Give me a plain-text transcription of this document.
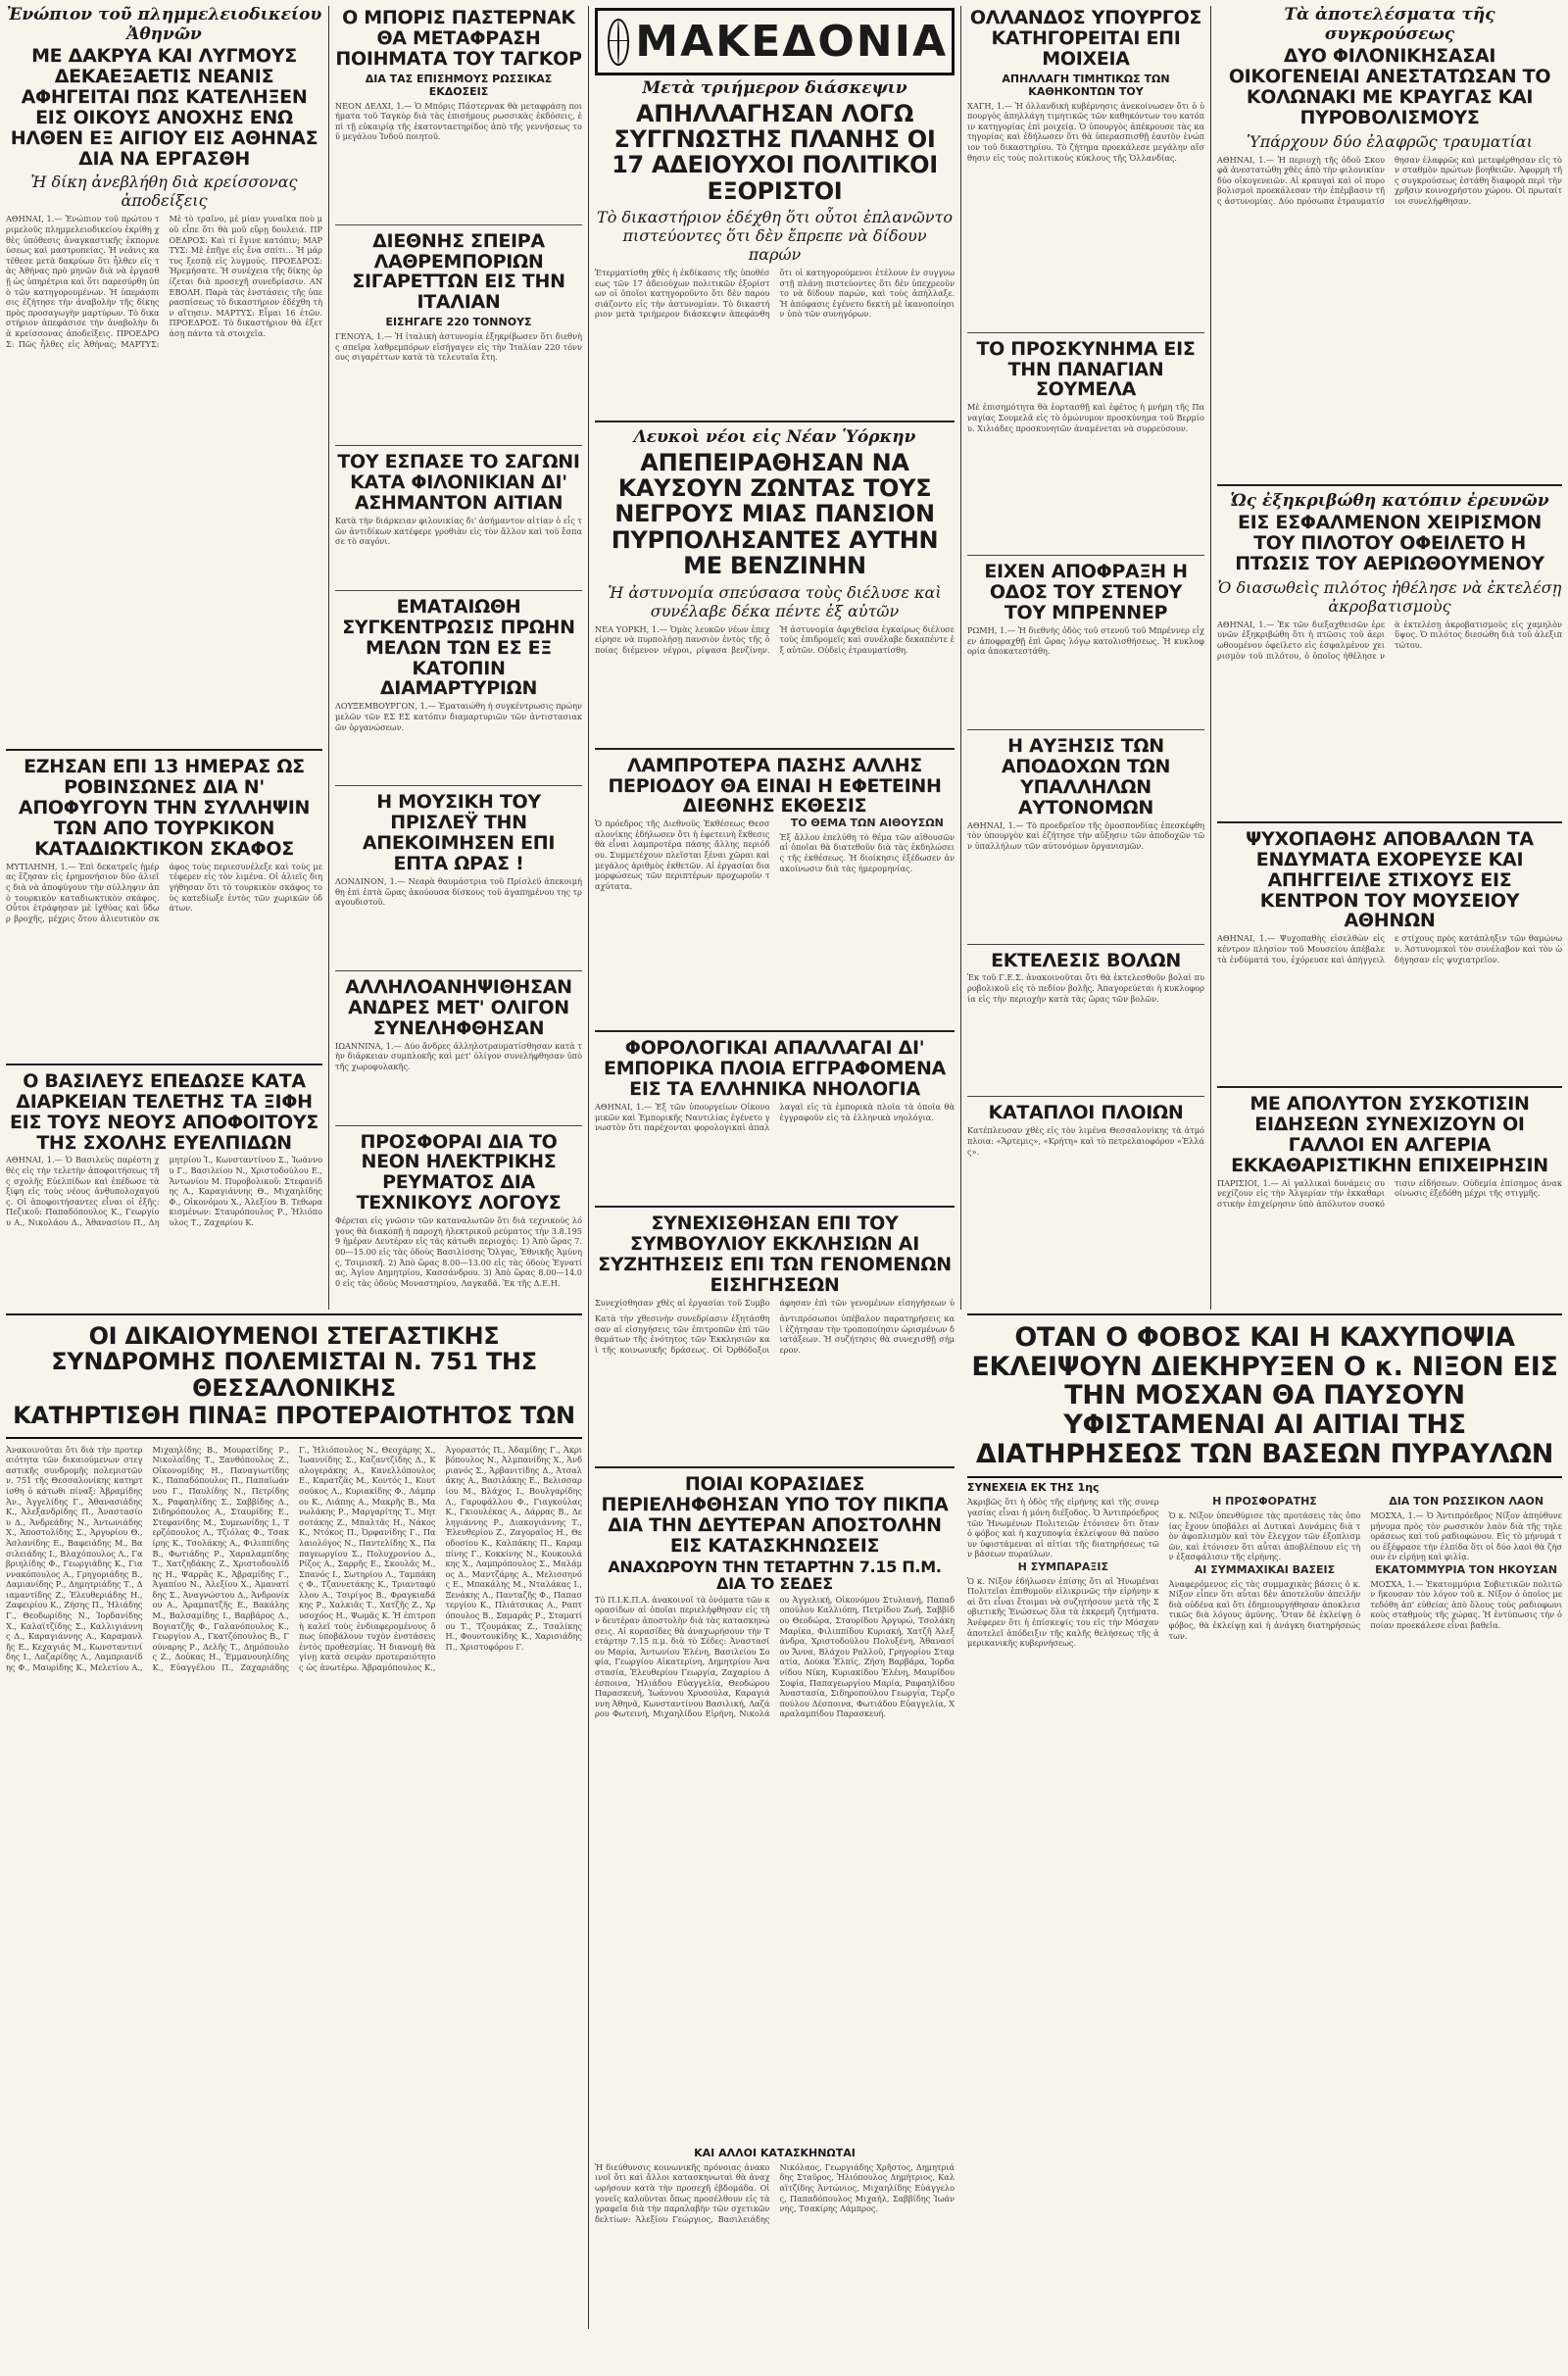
Ἐνώπιον τοῦ πλημμελειοδικείου Ἀθηνῶν
ΜΕ ΔΑΚΡΥΑ ΚΑΙ ΛΥΓΜΟΥΣ ΔΕΚΑΕΞΑΕΤΙΣ ΝΕΑΝΙΣ ΑΦΗΓΕΙΤΑΙ ΠΩΣ ΚΑΤΕΛΗΞΕΝ ΕΙΣ ΟΙΚΟΥΣ ΑΝΟΧΗΣ ΕΝΩ ΗΛΘΕΝ ΕΞ ΑΙΓΙΟΥ ΕΙΣ ΑΘΗΝΑΣ ΔΙΑ ΝΑ ΕΡΓΑΣΘΗ
Ἡ δίκη ἀνεβλήθη διὰ κρείσσονας ἀποδείξεις
ΑΘΗΝΑΙ, 1.— Ἐνώπιον τοῦ πρώτου τριμελοῦς πλημμελειοδικείου ἐκρίθη χθὲς ὑπόθεσις ἀναγκαστικῆς ἐκπορνεύσεως καὶ μαστροπείας. Ἡ νεᾶνις κατέθεσε μετὰ δακρύων ὅτι ἦλθεν εἰς τὰς Ἀθήνας πρὸ μηνῶν διὰ νὰ ἐργασθῇ ὡς ὑπηρέτρια καὶ ὅτι παρεσύρθη ὑπὸ τῶν κατηγορουμένων. Ἡ ὑπεράσπισις ἐζήτησε τὴν ἀναβολὴν τῆς δίκης πρὸς προσαγωγὴν μαρτύρων. Τὸ δικαστήριον ἀπεφάσισε τὴν ἀναβολὴν διὰ κρείσσονας ἀποδείξεις. ΠΡΟΕΔΡΟΣ: Πῶς ἦλθες εἰς Ἀθήνας; ΜΑΡΤΥΣ: Μὲ τὸ τραῖνο, μὲ μίαν γυναῖκα ποὺ μοῦ εἶπε ὅτι θὰ μοῦ εὕρῃ δουλειά. ΠΡΟΕΔΡΟΣ: Καὶ τί ἔγινε κατόπιν; ΜΑΡΤΥΣ: Μὲ ἐπῆγε εἰς ἕνα σπίτι... Ἡ μάρτυς ξεσπᾷ εἰς λυγμούς. ΠΡΟΕΔΡΟΣ: Ἠρεμήσατε. Ἡ συνέχεια τῆς δίκης ὁρίζεται διὰ προσεχῆ συνεδρίασιν. ΑΝΕΒΟΛΗ. Παρὰ τὰς ἐνστάσεις τῆς ὑπερασπίσεως τὸ δικαστήριον ἐδέχθη τὴν αἴτησιν. ΜΑΡΤΥΣ: Εἶμαι 16 ἐτῶν. ΠΡΟΕΔΡΟΣ: Τὸ δικαστήριον θὰ ἐξετάσῃ πάντα τὰ στοιχεῖα.
ΕΖΗΣΑΝ ΕΠΙ 13 ΗΜΕΡΑΣ ΩΣ ΡΟΒΙΝΣΩΝΕΣ ΔΙΑ Ν' ΑΠΟΦΥΓΟΥΝ ΤΗΝ ΣΥΛΛΗΨΙΝ ΤΩΝ ΑΠΟ ΤΟΥΡΚΙΚΟΝ ΚΑΤΑΔΙΩΚΤΙΚΟΝ ΣΚΑΦΟΣ
ΜΥΤΙΛΗΝΗ, 1.— Ἐπὶ δεκατρεῖς ἡμέρας ἔζησαν εἰς ἐρημονήσιον δύο ἁλιεῖς διὰ νὰ ἀποφύγουν τὴν σύλληψιν ἀπὸ τουρκικὸν καταδιωκτικὸν σκάφος. Οὗτοι ἐτράφησαν μὲ ἰχθύας καὶ ὕδωρ βροχῆς, μέχρις ὅτου ἀλιευτικὸν σκάφος τοὺς περιεσυνέλεξε καὶ τοὺς μετέφερεν εἰς τὸν λιμένα. Οἱ ἁλιεῖς διηγήθησαν ὅτι τὸ τουρκικὸν σκάφος τοὺς κατεδίωξε ἐντὸς τῶν χωρικῶν ὑδάτων.
Ο ΒΑΣΙΛΕΥΣ ΕΠΕΔΩΣΕ ΚΑΤΑ ΔΙΑΡΚΕΙΑΝ ΤΕΛΕΤΗΣ ΤΑ ΞΙΦΗ ΕΙΣ ΤΟΥΣ ΝΕΟΥΣ ΑΠΟΦΟΙΤΟΥΣ ΤΗΣ ΣΧΟΛΗΣ ΕΥΕΛΠΙΔΩΝ
ΑΘΗΝΑΙ, 1.— Ὁ Βασιλεὺς παρέστη χθὲς εἰς τὴν τελετὴν ἀποφοιτήσεως τῆς σχολῆς Εὐελπίδων καὶ ἐπέδωσε τὰ ξίφη εἰς τοὺς νέους ἀνθυπολοχαγούς. Οἱ ἀποφοιτήσαντες εἶναι οἱ ἑξῆς: Πεζικοῦ: Παπαδόπουλος Κ., Γεωργίου Α., Νικολάου Δ., Ἀθανασίου Π., Δημητρίου Ἰ., Κωνσταντίνου Σ., Ἰωάννου Γ., Βασιλείου Ν., Χριστοδούλου Ε., Ἀντωνίου Μ. Πυροβολικοῦ: Στεφανίδης Λ., Καραγιάννης Θ., Μιχαηλίδης Φ., Οἰκονόμου Χ., Ἀλεξίου Β. Τεθωρακισμένων: Σταυρόπουλος Ρ., Ἠλιόπουλος Τ., Ζαχαρίου Κ.
Ο ΜΠΟΡΙΣ ΠΑΣΤΕΡΝΑΚ ΘΑ ΜΕΤΑΦΡΑΣΗ ΠΟΙΗΜΑΤΑ ΤΟΥ ΤΑΓΚΟΡ
ΔΙΑ ΤΑΣ ΕΠΙΣΗΜΟΥΣ ΡΩΣΣΙΚΑΣ ΕΚΔΟΣΕΙΣ
ΝΕΟΝ ΔΕΛΧΙ, 1.— Ὁ Μπόρις Πάστερνακ θὰ μεταφράσῃ ποιήματα τοῦ Ταγκὸρ διὰ τὰς ἐπισήμους ρωσσικὰς ἐκδόσεις, ἐπὶ τῇ εὐκαιρίᾳ τῆς ἑκατονταετηρίδος ἀπὸ τῆς γεννήσεως τοῦ μεγάλου Ἰνδοῦ ποιητοῦ.
ΔΙΕΘΝΗΣ ΣΠΕΙΡΑ ΛΑΘΡΕΜΠΟΡΙΩΝ ΣΙΓΑΡΕΤΤΩΝ ΕΙΣ ΤΗΝ ΙΤΑΛΙΑΝ
ΕΙΣΗΓΑΓΕ 220 ΤΟΝΝΟΥΣ
ΓΕΝΟΥΑ, 1.— Ἡ ἰταλικὴ ἀστυνομία ἐξηκρίβωσεν ὅτι διεθνὴς σπεῖρα λαθρεμπόρων εἰσήγαγεν εἰς τὴν Ἰταλίαν 220 τόννους σιγαρέττων κατὰ τὰ τελευταῖα ἔτη.
ΤΟΥ ΕΣΠΑΣΕ ΤΟ ΣΑΓΩΝΙ ΚΑΤΑ ΦΙΛΟΝΙΚΙΑΝ ΔΙ' ΑΣΗΜΑΝΤΟΝ ΑΙΤΙΑΝ
Κατὰ τὴν διάρκειαν φιλονικίας δι' ἀσήμαντον αἰτίαν ὁ εἷς τῶν ἀντιδίκων κατέφερε γροθιὰν εἰς τὸν ἄλλον καὶ τοῦ ἔσπασε τὸ σαγόνι.
ΕΜΑΤΑΙΩΘΗ ΣΥΓΚΕΝΤΡΩΣΙΣ ΠΡΩΗΝ ΜΕΛΩΝ ΤΩΝ ΕΣ ΕΞ ΚΑΤΟΠΙΝ ΔΙΑΜΑΡΤΥΡΙΩΝ
ΛΟΥΞΕΜΒΟΥΡΓΟΝ, 1.— Ἐματαιώθη ἡ συγκέντρωσις πρώην μελῶν τῶν ΕΣ ΕΣ κατόπιν διαμαρτυριῶν τῶν ἀντιστασιακῶν ὀργανώσεων.
Η ΜΟΥΣΙΚΗ ΤΟΥ ΠΡΙΣΛΕΫ ΤΗΝ ΑΠΕΚΟΙΜΗΣΕΝ ΕΠΙ ΕΠΤΑ ΩΡΑΣ !
ΛΟΝΔΙΝΟΝ, 1.— Νεαρὰ θαυμάστρια τοῦ Πρίσλεϋ ἀπεκοιμήθη ἐπὶ ἑπτὰ ὥρας ἀκούουσα δίσκους τοῦ ἀγαπημένου της τραγουδιστοῦ.
ΑΛΛΗΛΟΑΝΗΨΙΘΗΣΑΝ ΑΝΔΡΕΣ ΜΕΤ' ΟΛΙΓΟΝ ΣΥΝΕΛΗΦΘΗΣΑΝ
ΙΩΑΝΝΙΝΑ, 1.— Δύο ἄνδρες ἀλληλοτραυματίσθησαν κατὰ τὴν διάρκειαν συμπλοκῆς καὶ μετ' ὀλίγον συνελήφθησαν ὑπὸ τῆς χωροφυλακῆς.
ΠΡΟΣΦΟΡΑΙ ΔΙΑ ΤΟ ΝΕΟΝ ΗΛΕΚΤΡΙΚΗΣ ΡΕΥΜΑΤΟΣ ΔΙΑ ΤΕΧΝΙΚΟΥΣ ΛΟΓΟΥΣ
Φέρεται εἰς γνῶσιν τῶν καταναλωτῶν ὅτι διὰ τεχνικοὺς λόγους θὰ διακοπῇ ἡ παροχὴ ἠλεκτρικοῦ ρεύματος τὴν 3.8.1959 ἡμέραν Δευτέραν εἰς τὰς κάτωθι περιοχάς: 1) Ἀπὸ ὥρας 7.00—15.00 εἰς τὰς ὁδοὺς Βασιλίσσης Ὄλγας, Ἐθνικῆς Ἀμύνης, Τσιμισκῆ. 2) Ἀπὸ ὥρας 8.00—13.00 εἰς τὰς ὁδοὺς Ἐγνατίας, Ἁγίου Δημητρίου, Κασσάνδρου. 3) Ἀπὸ ὥρας 8.00—14.00 εἰς τὰς ὁδοὺς Μοναστηρίου, Λαγκαδᾶ. Ἐκ τῆς Δ.Ε.Η.
ΜΑΚΕΔΟΝΙΑ
Μετὰ τριήμερον διάσκεψιν
ΑΠΗΛΛΑΓΗΣΑΝ ΛΟΓΩ ΣΥΓΓΝΩΣΤΗΣ ΠΛΑΝΗΣ ΟΙ 17 ΑΔΕΙΟΥΧΟΙ ΠΟΛΙΤΙΚΟΙ ΕΞΟΡΙΣΤΟΙ
Τὸ δικαστήριον ἐδέχθη ὅτι οὗτοι ἐπλανῶντο πιστεύοντες ὅτι δὲν ἔπρεπε νὰ δίδουν παρών
Ἐτερματίσθη χθὲς ἡ ἐκδίκασις τῆς ὑποθέσεως τῶν 17 ἀδειούχων πολιτικῶν ἐξορίστων οἱ ὁποῖοι κατηγοροῦντο ὅτι δὲν παρουσιάζοντο εἰς τὴν ἀστυνομίαν. Τὸ δικαστήριον μετὰ τριήμερον διάσκεψιν ἀπεφάνθη ὅτι οἱ κατηγορούμενοι ἐτέλουν ἐν συγγνωστῇ πλάνῃ πιστεύοντες ὅτι δὲν ὑπεχρεοῦντο νὰ δίδουν παρών, καὶ τοὺς ἀπήλλαξε. Ἡ ἀπόφασις ἐγένετο δεκτὴ μὲ ἱκανοποίησιν ὑπὸ τῶν συνηγόρων.
Λευκοὶ νέοι εἰς Νέαν Ὑόρκην
ΑΠΕΠΕΙΡΑΘΗΣΑΝ ΝΑ ΚΑΥΣΟΥΝ ΖΩΝΤΑΣ ΤΟΥΣ ΝΕΓΡΟΥΣ ΜΙΑΣ ΠΑΝΣΙΟΝ ΠΥΡΠΟΛΗΣΑΝΤΕΣ ΑΥΤΗΝ ΜΕ ΒΕΝΖΙΝΗΝ
Ἡ ἀστυνομία σπεύσασα τοὺς διέλυσε καὶ συνέλαβε δέκα πέντε ἐξ αὐτῶν
ΝΕΑ ΥΟΡΚΗ, 1.— Ὁμὰς λευκῶν νέων ἐπεχείρησε νὰ πυρπολήσῃ πανσιὸν ἐντὸς τῆς ὁποίας διέμενον νέγροι, ρίψασα βενζίνην. Ἡ ἀστυνομία ἀφιχθεῖσα ἐγκαίρως διέλυσε τοὺς ἐπιδρομεῖς καὶ συνέλαβε δεκαπέντε ἐξ αὐτῶν. Οὐδεὶς ἐτραυματίσθη.
ΛΑΜΠΡΟΤΕΡΑ ΠΑΣΗΣ ΑΛΛΗΣ ΠΕΡΙΟΔΟΥ ΘΑ ΕΙΝΑΙ Η ΕΦΕΤΕΙΝΗ ΔΙΕΘΝΗΣ ΕΚΘΕΣΙΣ
Ὁ πρόεδρος τῆς Διεθνοῦς Ἐκθέσεως Θεσσαλονίκης ἐδήλωσεν ὅτι ἡ ἐφετεινὴ ἔκθεσις θὰ εἶναι λαμπροτέρα πάσης ἄλλης περιόδου. Συμμετέχουν πλεῖσται ξέναι χῶραι καὶ μεγάλος ἀριθμὸς ἐκθετῶν. Αἱ ἐργασίαι διαμορφώσεως τῶν περιπτέρων προχωροῦν ταχύτατα.
ΤΟ ΘΕΜΑ ΤΩΝ ΑΙΘΟΥΣΩΝ
Ἐξ ἄλλου ἐπελύθη τὸ θέμα τῶν αἰθουσῶν αἱ ὁποῖαι θὰ διατεθοῦν διὰ τὰς ἐκδηλώσεις τῆς ἐκθέσεως. Ἡ διοίκησις ἐξέδωσεν ἀνακοίνωσιν διὰ τὰς ἡμερομηνίας.
ΦΟΡΟΛΟΓΙΚΑΙ ΑΠΑΛΛΑΓΑΙ ΔΙ' ΕΜΠΟΡΙΚΑ ΠΛΟΙΑ ΕΓΓΡΑΦΟΜΕΝΑ ΕΙΣ ΤΑ ΕΛΛΗΝΙΚΑ ΝΗΟΛΟΓΙΑ
ΑΘΗΝΑΙ, 1.— Ἐξ τῶν ὑπουργείων Οἰκονομικῶν καὶ Ἐμπορικῆς Ναυτιλίας ἐγένετο γνωστὸν ὅτι παρέχονται φορολογικαὶ ἀπαλλαγαὶ εἰς τὰ ἐμπορικὰ πλοῖα τὰ ὁποῖα θὰ ἐγγραφοῦν εἰς τὰ ἑλληνικὰ νηολόγια.
ΣΥΝΕΧΙΣΘΗΣΑΝ ΕΠΙ ΤΟΥ ΣΥΜΒΟΥΛΙΟΥ ΕΚΚΛΗΣΙΩΝ ΑΙ ΣΥΖΗΤΗΣΕΙΣ ΕΠΙ ΤΩΝ ΓΕΝΟΜΕΝΩΝ ΕΙΣΗΓΗΣΕΩΝ
Συνεχίσθησαν χθὲς αἱ ἐργασίαι τοῦ Συμβο άφησαν ἐπὶ τῶν γενομένων εἰσηγήσεων ὑ
ΟΛΛΑΝΔΟΣ ΥΠΟΥΡΓΟΣ ΚΑΤΗΓΟΡΕΙΤΑΙ ΕΠΙ ΜΟΙΧΕΙΑ
ΑΠΗΛΛΑΓΗ ΤΙΜΗΤΙΚΩΣ ΤΩΝ ΚΑΘΗΚΟΝΤΩΝ ΤΟΥ
ΧΑΓΗ, 1.— Ἡ ὁλλανδικὴ κυβέρνησις ἀνεκοίνωσεν ὅτι ὁ ὑπουργὸς ἀπηλλάγη τιμητικῶς τῶν καθηκόντων του κατόπιν κατηγορίας ἐπὶ μοιχείᾳ. Ὁ ὑπουργὸς ἀπέκρουσε τὰς κατηγορίας καὶ ἐδήλωσεν ὅτι θὰ ὑπερασπισθῇ ἑαυτὸν ἐνώπιον τοῦ δικαστηρίου. Τὸ ζήτημα προεκάλεσε μεγάλην αἴσθησιν εἰς τοὺς πολιτικοὺς κύκλους τῆς Ὁλλανδίας.
ΤΟ ΠΡΟΣΚΥΝΗΜΑ ΕΙΣ ΤΗΝ ΠΑΝΑΓΙΑΝ ΣΟΥΜΕΛΑ
Μὲ ἐπισημότητα θὰ ἑορτασθῇ καὶ ἐφέτος ἡ μνήμη τῆς Παναγίας Σουμελᾶ εἰς τὸ ὁμώνυμον προσκύνημα τοῦ Βερμίου. Χιλιάδες προσκυνητῶν ἀναμένεται νὰ συρρεύσουν.
ΕΙΧΕΝ ΑΠΟΦΡΑΞΗ Η ΟΔΟΣ ΤΟΥ ΣΤΕΝΟΥ ΤΟΥ ΜΠΡΕΝΝΕΡ
ΡΩΜΗ, 1.— Ἡ διεθνὴς ὁδὸς τοῦ στενοῦ τοῦ Μπρέννερ εἶχεν ἀποφραχθῇ ἐπὶ ὥρας λόγῳ κατολισθήσεως. Ἡ κυκλοφορία ἀποκατεστάθη.
Η ΑΥΞΗΣΙΣ ΤΩΝ ΑΠΟΔΟΧΩΝ ΤΩΝ ΥΠΑΛΛΗΛΩΝ ΑΥΤΟΝΟΜΩΝ
ΑΘΗΝΑΙ, 1.— Τὸ προεδρεῖον τῆς ὁμοσπονδίας ἐπεσκέφθη τὸν ὑπουργὸν καὶ ἐζήτησε τὴν αὔξησιν τῶν ἀποδοχῶν τῶν ὑπαλλήλων τῶν αὐτονόμων ὀργανισμῶν.
ΕΚΤΕΛΕΣΙΣ ΒΟΛΩΝ
Ἐκ τοῦ Γ.Ε.Σ. ἀνακοινοῦται ὅτι θὰ ἐκτελεσθοῦν βολαὶ πυροβολικοῦ εἰς τὸ πεδίον βολῆς. Ἀπαγορεύεται ἡ κυκλοφορία εἰς τὴν περιοχὴν κατὰ τὰς ὥρας τῶν βολῶν.
ΚΑΤΑΠΛΟΙ ΠΛΟΙΩΝ
Κατέπλευσαν χθὲς εἰς τὸν λιμένα Θεσσαλονίκης τὰ ἀτμόπλοια: «Ἄρτεμις», «Κρήτη» καὶ τὸ πετρελαιοφόρον «Ἑλλάς».
Τὰ ἀποτελέσματα τῆς συγκρούσεως
ΔΥΟ ΦΙΛΟΝΙΚΗΣΑΣΑΙ ΟΙΚΟΓΕΝΕΙΑΙ ΑΝΕΣΤΑΤΩΣΑΝ ΤΟ ΚΟΛΩΝΑΚΙ ΜΕ ΚΡΑΥΓΑΣ ΚΑΙ ΠΥΡΟΒΟΛΙΣΜΟΥΣ
Ὑπάρχουν δύο ἐλαφρῶς τραυματίαι
ΑΘΗΝΑΙ, 1.— Ἡ περιοχὴ τῆς ὁδοῦ Σκουφᾶ ἀνεστατώθη χθὲς ἀπὸ τὴν φιλονικίαν δύο οἰκογενειῶν. Αἱ κραυγαὶ καὶ οἱ πυροβολισμοὶ προεκάλεσαν τὴν ἐπέμβασιν τῆς ἀστυνομίας. Δύο πρόσωπα ἐτραυματίσθησαν ἐλαφρῶς καὶ μετεφέρθησαν εἰς τὸν σταθμὸν πρώτων βοηθειῶν. Ἀφορμὴ τῆς συγκρούσεως ἐστάθη διαφορὰ περὶ τὴν χρῆσιν κοινοχρήστου χώρου. Οἱ πρωταίτιοι συνελήφθησαν.
Ὡς ἐξηκριβώθη κατόπιν ἐρευνῶν
ΕΙΣ ΕΣΦΑΛΜΕΝΟΝ ΧΕΙΡΙΣΜΟΝ ΤΟΥ ΠΙΛΟΤΟΥ ΟΦΕΙΛΕΤΟ Η ΠΤΩΣΙΣ ΤΟΥ ΑΕΡΙΩΘΟΥΜΕΝΟΥ
Ὁ διασωθεὶς πιλότος ἠθέλησε νὰ ἐκτελέσῃ ἀκροβατισμοὺς
ΑΘΗΝΑΙ, 1.— Ἐκ τῶν διεξαχθεισῶν ἐρευνῶν ἐξηκριβώθη ὅτι ἡ πτῶσις τοῦ ἀεριωθουμένου ὀφείλετο εἰς ἐσφαλμένον χειρισμὸν τοῦ πιλότου, ὁ ὁποῖος ἠθέλησε νὰ ἐκτελέσῃ ἀκροβατισμοὺς εἰς χαμηλὸν ὕψος. Ὁ πιλότος διεσώθη διὰ τοῦ ἀλεξιπτώτου.
ΨΥΧΟΠΑΘΗΣ ΑΠΟΒΑΛΩΝ ΤΑ ΕΝΔΥΜΑΤΑ ΕΧΟΡΕΥΣΕ ΚΑΙ ΑΠΗΓΓΕΙΛΕ ΣΤΙΧΟΥΣ ΕΙΣ ΚΕΝΤΡΟΝ ΤΟΥ ΜΟΥΣΕΙΟΥ ΑΘΗΝΩΝ
ΑΘΗΝΑΙ, 1.— Ψυχοπαθὴς εἰσελθὼν εἰς κέντρον πλησίον τοῦ Μουσείου ἀπέβαλε τὰ ἐνδύματά του, ἐχόρευσε καὶ ἀπήγγειλε στίχους πρὸς κατάπληξιν τῶν θαμώνων. Ἀστυνομικοὶ τὸν συνέλαβον καὶ τὸν ὡδήγησαν εἰς ψυχιατρεῖον.
ΜΕ ΑΠΟΛΥΤΟΝ ΣΥΣΚΟΤΙΣΙΝ ΕΙΔΗΣΕΩΝ ΣΥΝΕΧΙΖΟΥΝ ΟΙ ΓΑΛΛΟΙ ΕΝ ΑΛΓΕΡΙΑ ΕΚΚΑΘΑΡΙΣΤΙΚΗΝ ΕΠΙΧΕΙΡΗΣΙΝ
ΠΑΡΙΣΙΟΙ, 1.— Αἱ γαλλικαὶ δυνάμεις συνεχίζουν εἰς τὴν Ἀλγερίαν τὴν ἐκκαθαριστικὴν ἐπιχείρησιν ὑπὸ ἀπόλυτον συσκότισιν εἰδήσεων. Οὐδεμία ἐπίσημος ἀνακοίνωσις ἐξεδόθη μέχρι τῆς στιγμῆς.
ΟΙ ΔΙΚΑΙΟΥΜΕΝΟΙ ΣΤΕΓΑΣΤΙΚΗΣ ΣΥΝΔΡΟΜΗΣ ΠΟΛΕΜΙΣΤΑΙ Ν. 751 ΤΗΣ ΘΕΣΣΑΛΟΝΙΚΗΣ
ΚΑΤΗΡΤΙΣΘΗ ΠΙΝΑΞ ΠΡΟΤΕΡΑΙΟΤΗΤΟΣ ΤΩΝ
Ἀνακοινοῦται ὅτι διὰ τὴν προτεραιότητα τῶν δικαιούμενων στεγαστικῆς συνδρομῆς πολεμιστῶν ν. 751 τῆς Θεσσαλονίκης κατηρτίσθη ὁ κάτωθι πίναξ: Ἀβραμίδης Ἀν., Ἀγγελίδης Γ., Ἀθανασιάδης Κ., Ἀλεξανδρίδης Π., Ἀναστασίου Δ., Ἀνδρεάδης Ν., Ἀντωνιάδης Χ., Ἀποστολίδης Σ., Ἀργυρίου Θ., Ἀσλανίδης Ε., Βαφειάδης Μ., Βασιλειάδης Ι., Βλαχόπουλος Λ., Γαβριηλίδης Φ., Γεωργιάδης Κ., Γιαννακόπουλος Α., Γρηγοριάδης Β., Δαμιανίδης Ρ., Δημητριάδης Τ., Διαμαντίδης Ζ., Ἐλευθεριάδης Η., Ζαφειρίου Κ., Ζήσης Π., Ἠλιάδης Γ., Θεοδωρίδης Ν., Ἰορδανίδης Χ., Καλαϊτζίδης Σ., Καλλιγιάννης Δ., Καραγιάννης Α., Καραμανλῆς Ε., Κεχαγιάς Μ., Κωνσταντινίδης Ι., Λαζαρίδης Λ., Λαμπριανίδης Φ., Μαυρίδης Κ., Μελετίου Α., Μιχαηλίδης Β., Μουρατίδης Ρ., Νικολαΐδης Τ., Ξανθόπουλος Ζ., Οἰκονομίδης Η., Παναγιωτίδης Κ., Παπαδόπουλος Π., Παπαϊωάννου Γ., Παυλίδης Ν., Πετρίδης Χ., Ραφαηλίδης Σ., Σαββίδης Δ., Σιδηρόπουλος Α., Σταυρίδης Ε., Στεφανίδης Μ., Συμεωνίδης Ι., Τερζόπουλος Λ., Τζιόλας Φ., Τσακίρης Κ., Τσολάκης Α., Φιλιππίδης Β., Φωτιάδης Ρ., Χαραλαμπίδης Τ., Χατζηδάκης Ζ., Χριστοδουλίδης Η., Ψαρρᾶς Κ., Ἀβραμίδης Γ., Ἀγαπίου Ν., Ἀλεξίου Χ., Ἀμανατίδης Σ., Ἀναγνώστου Δ., Ἀνδρονίκου Α., Ἀραμπατζῆς Ε., Βακάλης Μ., Βαλσαμίδης Ι., Βαρβάρος Λ., Βογιατζῆς Φ., Γαλανόπουλος Κ., Γεωργίου Α., Γκατζόπουλος Β., Γούναρης Ρ., Δελῆς Τ., Δημόπουλος Ζ., Δούκας Η., Ἐμμανουηλίδης Κ., Εὐαγγέλου Π., Ζαχαριάδης Γ., Ἠλιόπουλος Ν., Θεοχάρης Χ., Ἰωαννίδης Σ., Καζαντζίδης Δ., Καλογεράκης Α., Κανελλόπουλος Ε., Καρατζᾶς Μ., Κοντός Ι., Κουτσούκος Λ., Κυριακίδης Φ., Λάμπρου Κ., Λιάπης Α., Μακρῆς Β., Μανωλάκης Ρ., Μαργαρίτης Τ., Μητσοτάκης Ζ., Μπαλτᾶς Η., Νάκος Κ., Ντόκος Π., Ὀρφανίδης Γ., Παλαιολόγος Ν., Παντελίδης Χ., Παπαγεωργίου Σ., Πολυχρονίου Δ., Ρίζος Α., Σαρρῆς Ε., Σκουλᾶς Μ., Σπανός Ι., Σωτηρίου Λ., Ταμπάκης Φ., Τζαννετάκης Κ., Τριανταφύλλου Α., Τσιρίγος Β., Φραγκιαδάκης Ρ., Χαλκιᾶς Τ., Χατζῆς Ζ., Χρυσοχόος Η., Ψωμᾶς Κ. Ἡ ἐπιτροπὴ καλεῖ τοὺς ἐνδιαφερομένους ὅπως ὑποβάλουν τυχὸν ἐνστάσεις ἐντὸς προθεσμίας. Ἡ διανομὴ θὰ γίνῃ κατὰ σειρὰν προτεραιότητος ὡς ἀνωτέρω. Ἀβραμόπουλος Κ., Ἀγοραστός Π., Ἀδαμίδης Γ., Ἀκριβόπουλος Ν., Ἀλμπανίδης Χ., Ἀνδριανός Σ., Ἀρβανιτίδης Δ., Ἀτσαλάκης Α., Βασιλάκης Ε., Βελισσαρίου Μ., Βλάχος Ι., Βουλγαρίδης Λ., Γαρυφάλλου Φ., Γιαγκούλας Κ., Γκιουλέκας Α., Δάρρας Β., Δεληγιάννης Ρ., Διακογιάννης Τ., Ἐλευθερίου Ζ., Ζαγοραῖος Η., Θεοδοσίου Κ., Καλπάκης Π., Καραμπίνης Γ., Κοκκίνης Ν., Κουκουλάκης Χ., Λαμπρόπουλος Σ., Μαλάμος Δ., Μαντζάρης Α., Μελισσηνός Ε., Μπακάλης Μ., Νταλάκας Ι., Ξενάκης Λ., Πανταζῆς Φ., Παπαστεργίου Κ., Πλιάτσικας Α., Ραπτόπουλος Β., Σαμαρᾶς Ρ., Σταματίου Τ., Τζουμάκας Ζ., Τσαλίκης Η., Φουντουκίδης Κ., Χαρισιάδης Π., Χριστοφόρου Γ.
Κατὰ τὴν χθεσινὴν συνεδρίασιν ἐξητάσθησαν αἱ εἰσηγήσεις τῶν ἐπιτροπῶν ἐπὶ τῶν θεμάτων τῆς ἑνότητος τῶν Ἐκκλησιῶν καὶ τῆς κοινωνικῆς δράσεως. Οἱ Ὀρθόδοξοι ἀντιπρόσωποι ὑπέβαλον παρατηρήσεις καὶ ἐζήτησαν τὴν τροποποίησιν ὡρισμένων διατάξεων. Ἡ συζήτησις θὰ συνεχισθῇ σήμερον.
ΠΟΙΑΙ ΚΟΡΑΣΙΔΕΣ ΠΕΡΙΕΛΗΦΘΗΣΑΝ ΥΠΟ ΤΟΥ ΠΙΚΠΑ ΔΙΑ ΤΗΝ ΔΕΥΤΕΡΑΝ ΑΠΟΣΤΟΛΗΝ ΕΙΣ ΚΑΤΑΣΚΗΝΩΣΕΙΣ
ΑΝΑΧΩΡΟΥΝ ΤΗΝ ΤΕΤΑΡΤΗΝ 7.15 Π.Μ. ΔΙΑ ΤΟ ΣΕΔΕΣ
Τὸ Π.Ι.Κ.Π.Α. ἀνακοινοῖ τὰ ὀνόματα τῶν κορασίδων αἱ ὁποῖαι περιελήφθησαν εἰς τὴν δευτέραν ἀποστολὴν διὰ τὰς κατασκηνώσεις. Αἱ κορασίδες θὰ ἀναχωρήσουν τὴν Τετάρτην 7.15 π.μ. διὰ τὸ Σέδες: Ἀναστασίου Μαρία, Ἀντωνίου Ἑλένη, Βασιλείου Σοφία, Γεωργίου Αἰκατερίνη, Δημητρίου Ἀναστασία, Ἐλευθερίου Γεωργία, Ζαχαρίου Δέσποινα, Ἠλιάδου Εὐαγγελία, Θεοδώρου Παρασκευή, Ἰωάννου Χρυσούλα, Καραγιάννη Ἀθηνᾶ, Κωνσταντίνου Βασιλική, Λαζάρου Φωτεινή, Μιχαηλίδου Εἰρήνη, Νικολάου Ἀγγελική, Οἰκονόμου Στυλιανή, Παπαδοπούλου Καλλιόπη, Πετρίδου Ζωή, Σαββίδου Θεοδώρα, Σταυρίδου Ἀργυρώ, Τσολάκη Μαρίκα, Φιλιππίδου Κυριακή, Χατζῆ Ἀλεξάνδρα, Χριστοδούλου Πολυξένη, Ἀθανασίου Ἄννα, Βλάχου Ραλλοῦ, Γρηγορίου Σταματία, Δούκα Ἐλπίς, Ζήση Βαρβάρα, Ἰορδανίδου Νίκη, Κυριακίδου Ἑλένη, Μαυρίδου Σοφία, Παπαγεωργίου Μαρία, Ραφαηλίδου Ἀναστασία, Σιδηροπούλου Γεωργία, Τερζοπούλου Δέσποινα, Φωτιάδου Εὐαγγελία, Χαραλαμπίδου Παρασκευή.
ΚΑΙ ΑΛΛΟΙ ΚΑΤΑΣΚΗΝΩΤΑΙ
Ἡ διεύθυνσις κοινωνικῆς πρόνοιας ἀνακοινοῖ ὅτι καὶ ἄλλοι κατασκηνωταὶ θὰ ἀναχωρήσουν κατὰ τὴν προσεχῆ ἑβδομάδα. Οἱ γονεῖς καλοῦνται ὅπως προσέλθουν εἰς τὰ γραφεῖα διὰ τὴν παραλαβὴν τῶν σχετικῶν δελτίων: Ἀλεξίου Γεώργιος, Βασιλειάδης Νικόλαος, Γεωργιάδης Χρῆστος, Δημητριάδης Σταῦρος, Ἠλιόπουλος Δημήτριος, Καλαϊτζίδης Ἀντώνιος, Μιχαηλίδης Εὐάγγελος, Παπαδόπουλος Μιχαήλ, Σαββίδης Ἰωάννης, Τσακίρης Λάμπρος.
ΟΤΑΝ Ο ΦΟΒΟΣ ΚΑΙ Η ΚΑΧΥΠΟΨΙΑ ΕΚΛΕΙΨΟΥΝ ΔΙΕΚΗΡΥΞΕΝ Ο κ. ΝΙΞΟΝ ΕΙΣ ΤΗΝ ΜΟΣΧΑΝ ΘΑ ΠΑΥΣΟΥΝ ΥΦΙΣΤΑΜΕΝΑΙ ΑΙ ΑΙΤΙΑΙ ΤΗΣ ΔΙΑΤΗΡΗΣΕΩΣ ΤΩΝ ΒΑΣΕΩΝ ΠΥΡΑΥΛΩΝ
ΣΥΝΕΧΕΙΑ ΕΚ ΤΗΣ 1ης
Ἀκριβῶς ὅτι ἡ ὁδὸς τῆς εἰρήνης καὶ τῆς συνεργασίας εἶναι ἡ μόνη διέξοδος. Ὁ Ἀντιπρόεδρος τῶν Ἡνωμένων Πολιτειῶν ἐτόνισεν ὅτι ὅταν ὁ φόβος καὶ ἡ καχυποψία ἐκλείψουν θὰ παύσουν ὑφιστάμεναι αἱ αἰτίαι τῆς διατηρήσεως τῶν βάσεων πυραύλων.
Η ΣΥΜΠΑΡΑΞΙΣ
Ὁ κ. Νίξον ἐδήλωσεν ἐπίσης ὅτι αἱ Ἡνωμέναι Πολιτεῖαι ἐπιθυμοῦν εἰλικρινῶς τὴν εἰρήνην καὶ ὅτι εἶναι ἕτοιμαι νὰ συζητήσουν μετὰ τῆς Σοβιετικῆς Ἑνώσεως ὅλα τὰ ἐκκρεμῆ ζητήματα. Ἀνέφερεν ὅτι ἡ ἐπίσκεψίς του εἰς τὴν Μόσχαν ἀποτελεῖ ἀπόδειξιν τῆς καλῆς θελήσεως τῆς ἀμερικανικῆς κυβερνήσεως.
Η ΠΡΟΣΦΟΡΑΤΗΣ
Ὁ κ. Νίξον ὑπενθύμισε τὰς προτάσεις τὰς ὁποίας ἔχουν ὑποβάλει αἱ Δυτικαὶ Δυνάμεις διὰ τὸν ἀφοπλισμὸν καὶ τὸν ἔλεγχον τῶν ἐξοπλισμῶν, καὶ ἐτόνισεν ὅτι αὗται ἀποβλέπουν εἰς τὴν ἐξασφάλισιν τῆς εἰρήνης.
ΑΙ ΣΥΜΜΑΧΙΚΑΙ ΒΑΣΕΙΣ
Ἀναφερόμενος εἰς τὰς συμμαχικὰς βάσεις ὁ κ. Νίξον εἶπεν ὅτι αὗται δὲν ἀποτελοῦν ἀπειλὴν διὰ οὐδένα καὶ ὅτι ἐδημιουργήθησαν ἀποκλειστικῶς διὰ λόγους ἀμύνης. Ὅταν δὲ ἐκλείψῃ ὁ φόβος, θὰ ἐκλείψῃ καὶ ἡ ἀνάγκη διατηρήσεώς των.
ΔΙΑ ΤΟΝ ΡΩΣΣΙΚΟΝ ΛΑΟΝ
ΜΟΣΧΑ, 1.— Ὁ Ἀντιπρόεδρος Νίξον ἀπηύθυνε μήνυμα πρὸς τὸν ρωσσικὸν λαὸν διὰ τῆς τηλεοράσεως καὶ τοῦ ραδιοφώνου. Εἰς τὸ μήνυμά του ἐξέφρασε τὴν ἐλπίδα ὅτι οἱ δύο λαοὶ θὰ ζήσουν ἐν εἰρήνῃ καὶ φιλίᾳ.
ΕΚΑΤΟΜΜΥΡΙΑ ΤΟΝ ΗΚΟΥΣΑΝ
ΜΟΣΧΑ, 1.— Ἑκατομμύρια Σοβιετικῶν πολιτῶν ἤκουσαν τὸν λόγον τοῦ κ. Νίξον ὁ ὁποῖος μετεδόθη ἀπ' εὐθείας ἀπὸ ὅλους τοὺς ραδιοφωνικοὺς σταθμοὺς τῆς χώρας. Ἡ ἐντύπωσις τὴν ὁποίαν προεκάλεσε εἶναι βαθεῖα.
